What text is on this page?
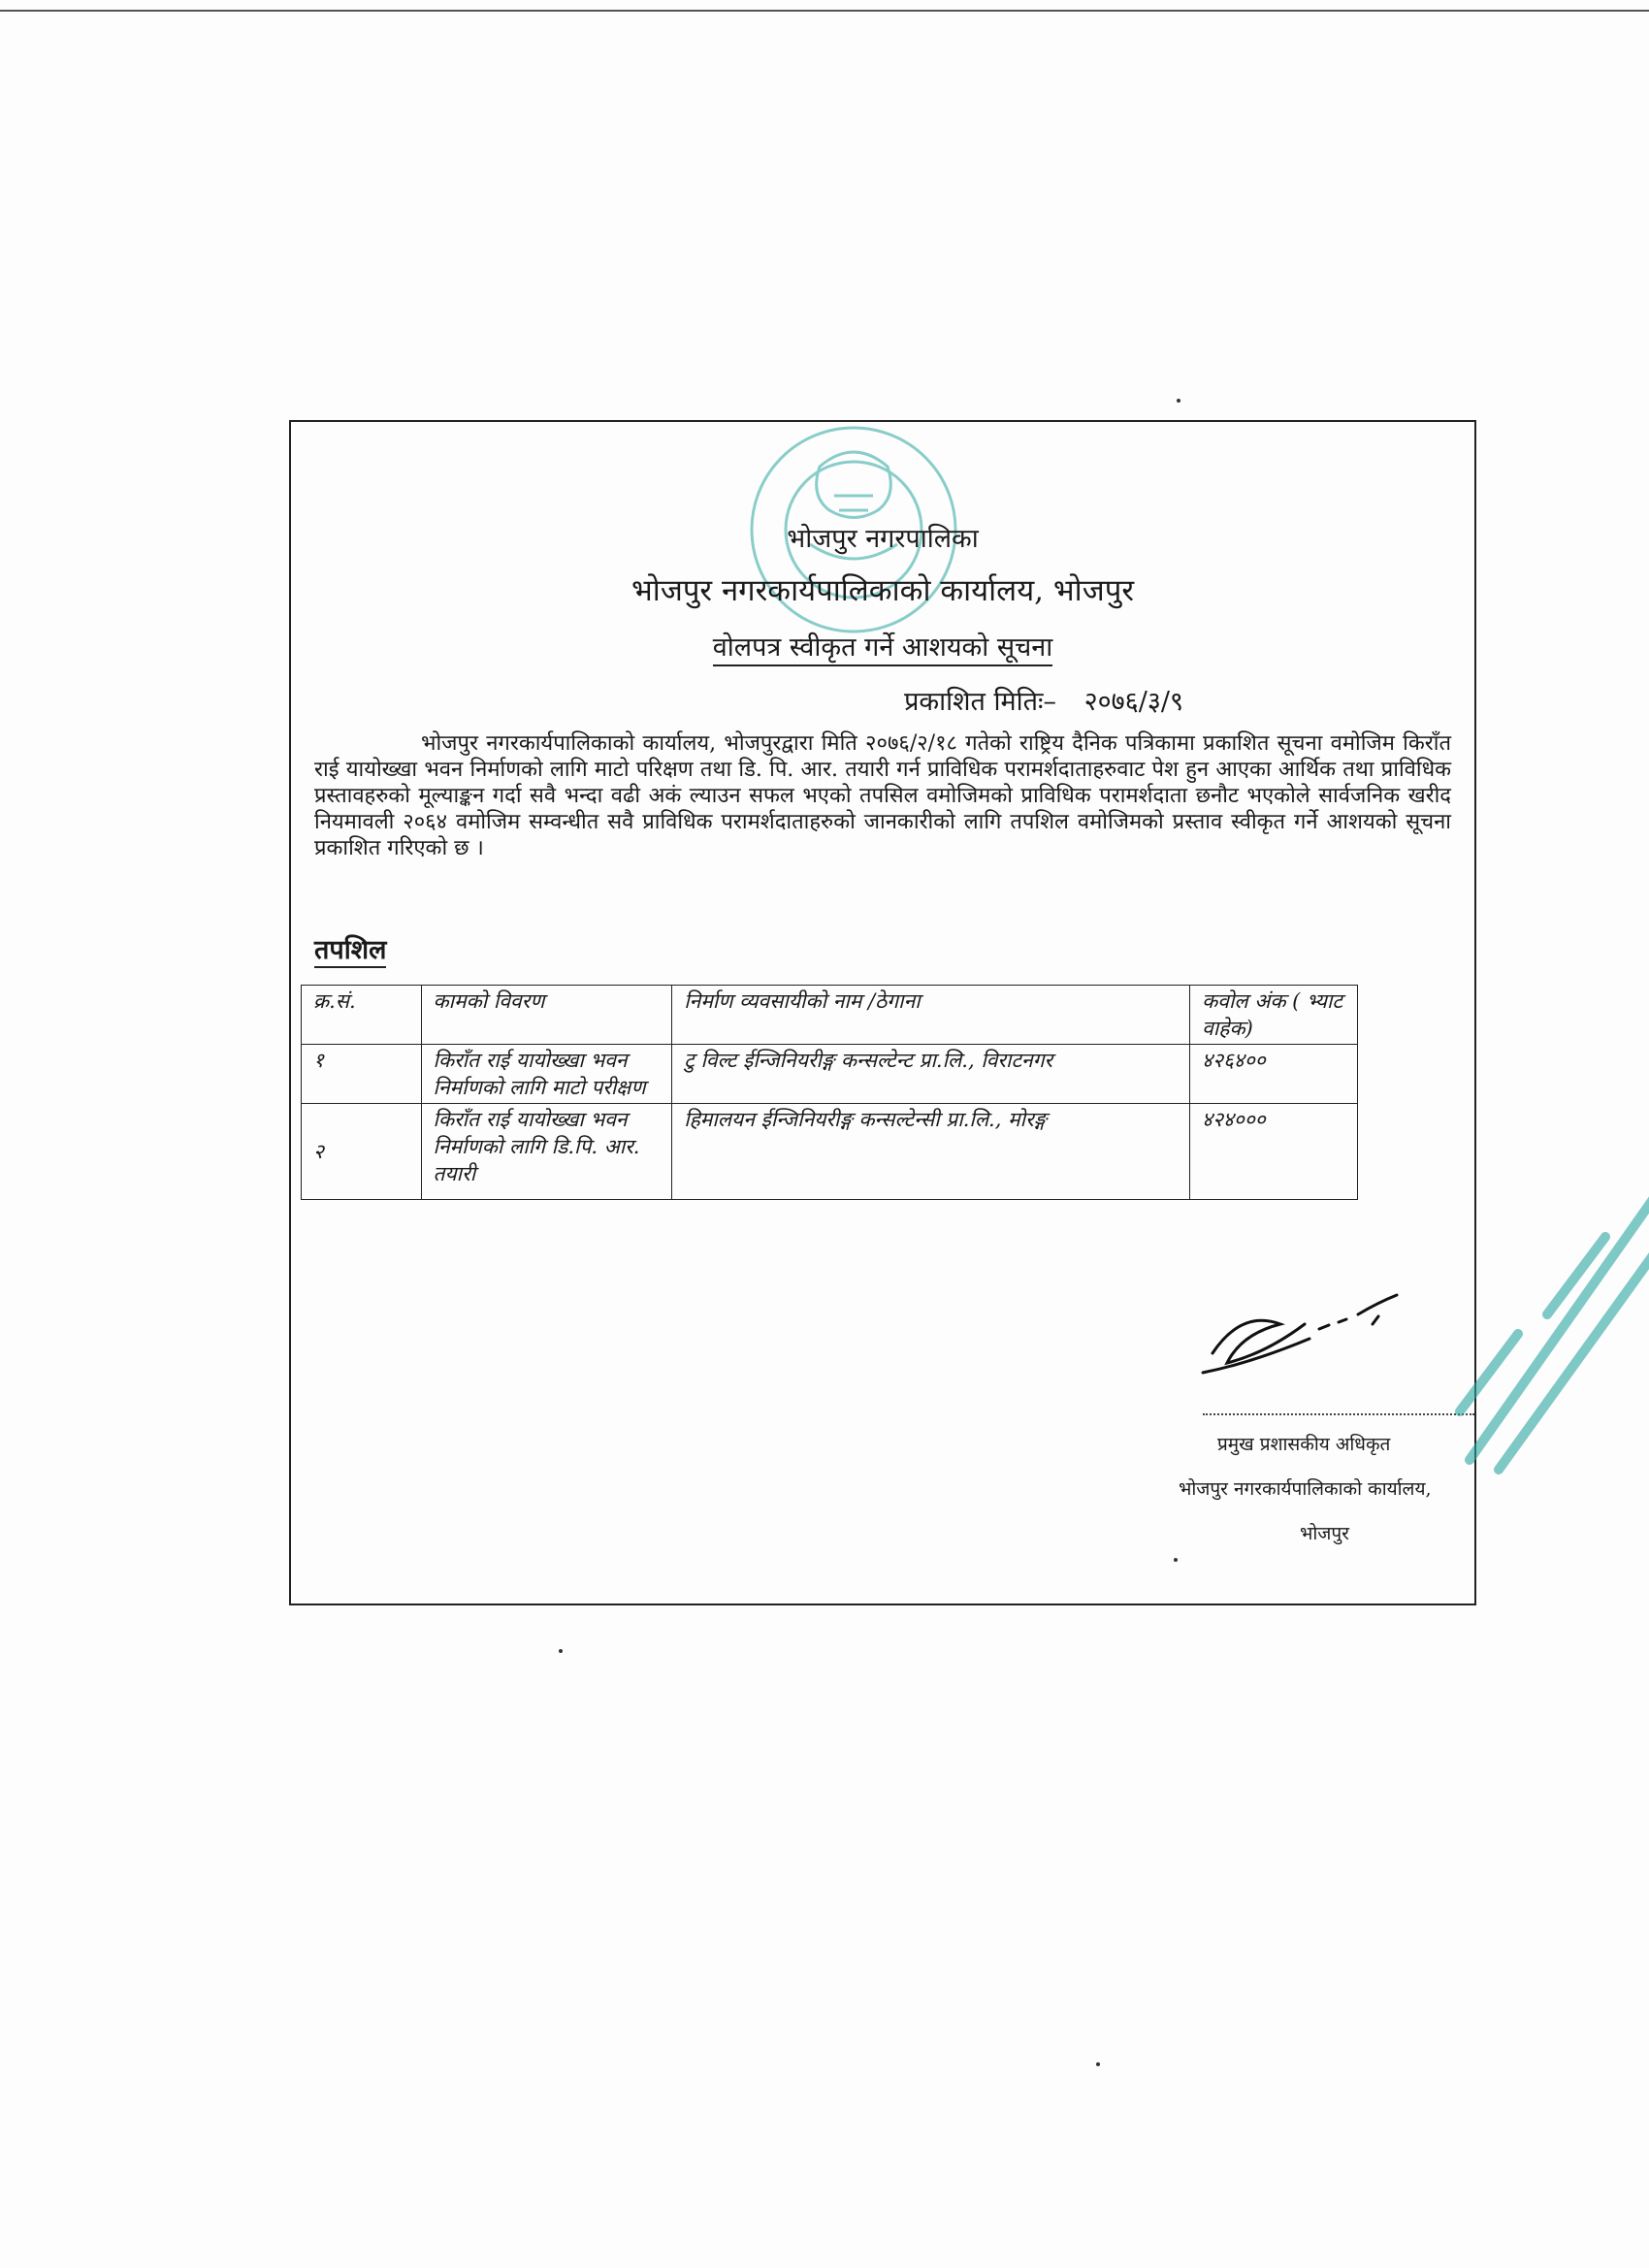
भोजपुर नगरपालिका
भोजपुर नगरकार्यपालिकाको कार्यालय, भोजपुर
वोलपत्र स्वीकृत गर्ने आशयको सूचना
प्रकाशित मितिः– २०७६/३/९
भोजपुर नगरकार्यपालिकाको कार्यालय, भोजपुरद्वारा मिति २०७६/२/१८ गतेको राष्ट्रिय दैनिक पत्रिकामा प्रकाशित सूचना वमोजिम किराँत राई यायोख्खा भवन निर्माणको लागि माटो परिक्षण तथा डि. पि. आर. तयारी गर्न प्राविधिक परामर्शदाताहरुवाट पेश हुन आएका आर्थिक तथा प्राविधिक प्रस्तावहरुको मूल्याङ्कन गर्दा सवै भन्दा वढी अकं ल्याउन सफल भएको तपसिल वमोजिमको प्राविधिक परामर्शदाता छनौट भएकोले सार्वजनिक खरीद नियमावली २०६४ वमोजिम सम्वन्धीत सवै प्राविधिक परामर्शदाताहरुको जानकारीको लागि तपशिल वमोजिमको प्रस्ताव स्वीकृत गर्ने आशयको सूचना प्रकाशित गरिएको छ ।
तपशिल
क्र.सं.	कामको विवरण	निर्माण व्यवसायीको नाम /ठेगाना	कवोल अंक ( भ्याट वाहेक)
१	किराँत राई यायोख्खा भवन निर्माणको लागि माटो परीक्षण	टु विल्ट ईन्जिनियरीङ्ग कन्सल्टेन्ट प्रा.लि., विराटनगर	४२६४००
२	किराँत राई यायोख्खा भवन निर्माणको लागि डि.पि. आर. तयारी	हिमालयन ईन्जिनियरीङ्ग कन्सल्टेन्सी प्रा.लि., मोरङ्ग	४२४०००
प्रमुख प्रशासकीय अधिकृत
भोजपुर नगरकार्यपालिकाको कार्यालय,
भोजपुर
